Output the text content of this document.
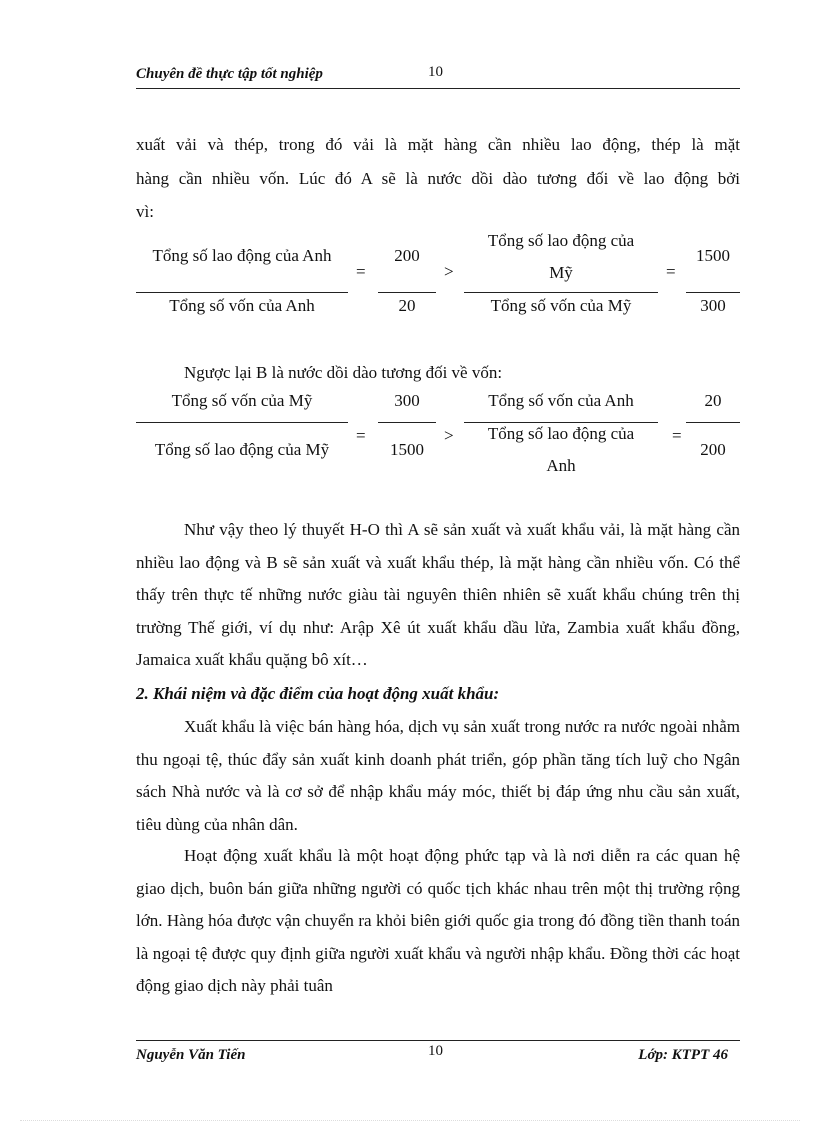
Chuyên đề thực tập tốt nghiệp	10
xuất vải và thép, trong đó vải là mặt hàng cần nhiều lao động, thép là mặt
hàng cần nhiều vốn. Lúc đó A sẽ là nước dồi dào tương đối về lao động bởi
vì:
Tổng số lao động của Anh
Tổng số vốn của Anh
=
200
20
>
Tổng số lao động của
Mỹ
Tổng số vốn của Mỹ
=
1500
300
Ngược lại B là nước dồi dào tương đối về vốn:
Tổng số vốn của Mỹ
Tổng số lao động của Mỹ
=
300
1500
>
Tổng số vốn của Anh
Tổng số lao động của
Anh
=
20
200

Như vậy theo lý thuyết H-O thì A sẽ sản xuất và xuất khẩu vải, là mặt hàng cần nhiều lao động và B sẽ sản xuất và xuất khẩu thép, là mặt hàng cần nhiều vốn. Có thể thấy trên thực tế những nước giàu tài nguyên thiên nhiên sẽ xuất khẩu chúng trên thị trường Thế giới, ví dụ như: Arập Xê út xuất khẩu dầu lửa, Zambia xuất khẩu đồng, Jamaica xuất khẩu quặng bô xít…

2. Khái niệm và đặc điểm của hoạt động xuất khẩu:

Xuất khẩu là việc bán hàng hóa, dịch vụ sản xuất trong nước ra nước ngoài nhằm thu ngoại tệ, thúc đẩy sản xuất kinh doanh phát triển, góp phần tăng tích luỹ cho Ngân sách Nhà nước và là cơ sở để nhập khẩu máy móc, thiết bị đáp ứng nhu cầu sản xuất, tiêu dùng của nhân dân.

Hoạt động xuất khẩu là một hoạt động phức tạp và là nơi diễn ra các quan hệ giao dịch, buôn bán giữa những người có quốc tịch khác nhau trên một thị trường rộng lớn. Hàng hóa được vận chuyển ra khỏi biên giới quốc gia trong đó đồng tiền thanh toán là ngoại tệ được quy định giữa người xuất khẩu và người nhập khẩu. Đồng thời các hoạt động giao dịch này phải tuân

Nguyễn Văn Tiến	10	Lớp: KTPT 46
